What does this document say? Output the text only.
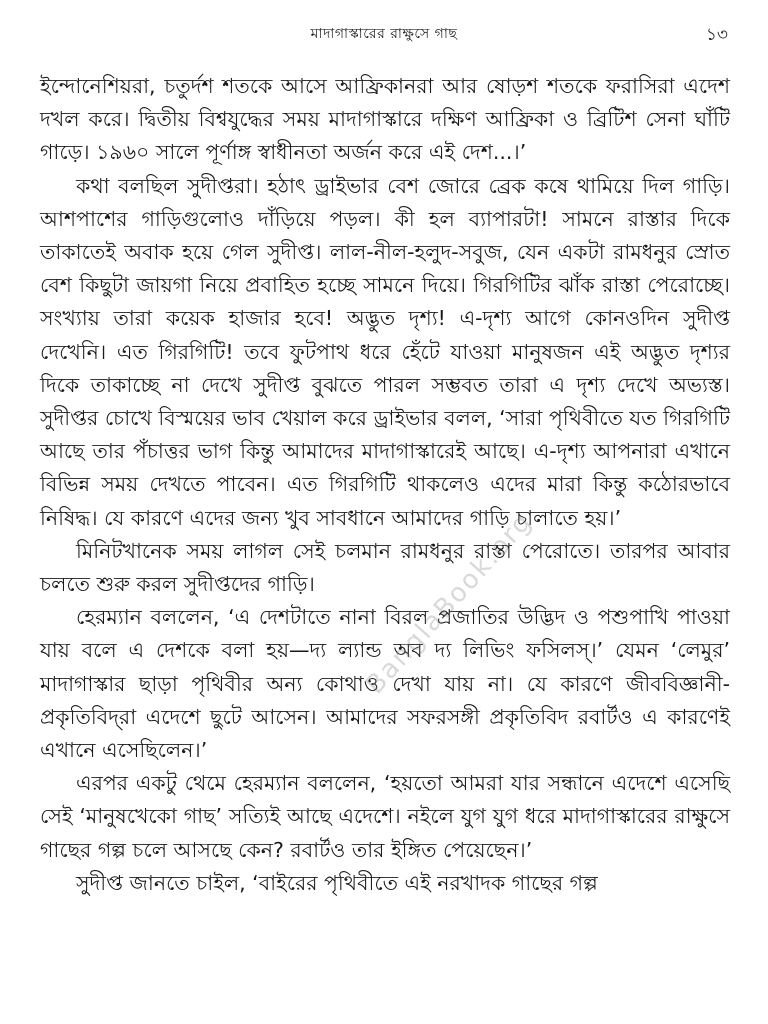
মাদাগাস্কারের রাক্ষুসে গাছ	১৩

ইন্দোনেশিয়রা, চতুর্দশ শতকে আসে আফ্রিকানরা আর ষোড়শ শতকে ফরাসিরা এদেশ দখল করে। দ্বিতীয় বিশ্বযুদ্ধের সময় মাদাগাস্কারে দক্ষিণ আফ্রিকা ও ব্রিটিশ সেনা ঘাঁটি গাড়ে। ১৯৬০ সালে পূর্ণাঙ্গ স্বাধীনতা অর্জন করে এই দেশ...।’

কথা বলছিল সুদীপ্তরা। হঠাৎ ড্রাইভার বেশ জোরে ব্রেক কষে থামিয়ে দিল গাড়ি। আশপাশের গাড়িগুলোও দাঁড়িয়ে পড়ল। কী হল ব্যাপারটা! সামনে রাস্তার দিকে তাকাতেই অবাক হয়ে গেল সুদীপ্ত। লাল-নীল-হলুদ-সবুজ, যেন একটা রামধনুর স্রোত বেশ কিছুটা জায়গা নিয়ে প্রবাহিত হচ্ছে সামনে দিয়ে। গিরগিটির ঝাঁক রাস্তা পেরোচ্ছে। সংখ্যায় তারা কয়েক হাজার হবে! অদ্ভুত দৃশ্য! এ-দৃশ্য আগে কোনওদিন সুদীপ্ত দেখেনি। এত গিরগিটি! তবে ফুটপাথ ধরে হেঁটে যাওয়া মানুষজন এই অদ্ভুত দৃশ্যর দিকে তাকাচ্ছে না দেখে সুদীপ্ত বুঝতে পারল সম্ভবত তারা এ দৃশ্য দেখে অভ্যস্ত। সুদীপ্তর চোখে বিস্ময়ের ভাব খেয়াল করে ড্রাইভার বলল, ‘সারা পৃথিবীতে যত গিরগিটি আছে তার পঁচাত্তর ভাগ কিন্তু আমাদের মাদাগাস্কারেই আছে। এ-দৃশ্য আপনারা এখানে বিভিন্ন সময় দেখতে পাবেন। এত গিরগিটি থাকলেও এদের মারা কিন্তু কঠোরভাবে নিষিদ্ধ। যে কারণে এদের জন্য খুব সাবধানে আমাদের গাড়ি চালাতে হয়।’

মিনিটখানেক সময় লাগল সেই চলমান রামধনুর রাস্তা পেরোতে। তারপর আবার চলতে শুরু করল সুদীপ্তদের গাড়ি।

হেরম্যান বললেন, ‘এ দেশটাতে নানা বিরল প্রজাতির উদ্ভিদ ও পশুপাখি পাওয়া যায় বলে এ দেশকে বলা হয়—দ্য ল্যান্ড অব দ্য লিভিং ফসিলস্।’ যেমন ‘লেমুর’ মাদাগাস্কার ছাড়া পৃথিবীর অন্য কোথাও দেখা যায় না। যে কারণে জীববিজ্ঞানী-প্রকৃতিবিদ্‌রা এদেশে ছুটে আসেন। আমাদের সফরসঙ্গী প্রকৃতিবিদ রবার্টও এ কারণেই এখানে এসেছিলেন।’

এরপর একটু থেমে হেরম্যান বললেন, ‘হয়তো আমরা যার সন্ধানে এদেশে এসেছি সেই ‘মানুষখেকো গাছ’ সত্যিই আছে এদেশে। নইলে যুগ যুগ ধরে মাদাগাস্কারের রাক্ষুসে গাছের গল্প চলে আসছে কেন? রবার্টও তার ইঙ্গিত পেয়েছেন।’

সুদীপ্ত জানতে চাইল, ‘বাইরের পৃথিবীতে এই নরখাদক গাছের গল্প

BanglaBook.org
